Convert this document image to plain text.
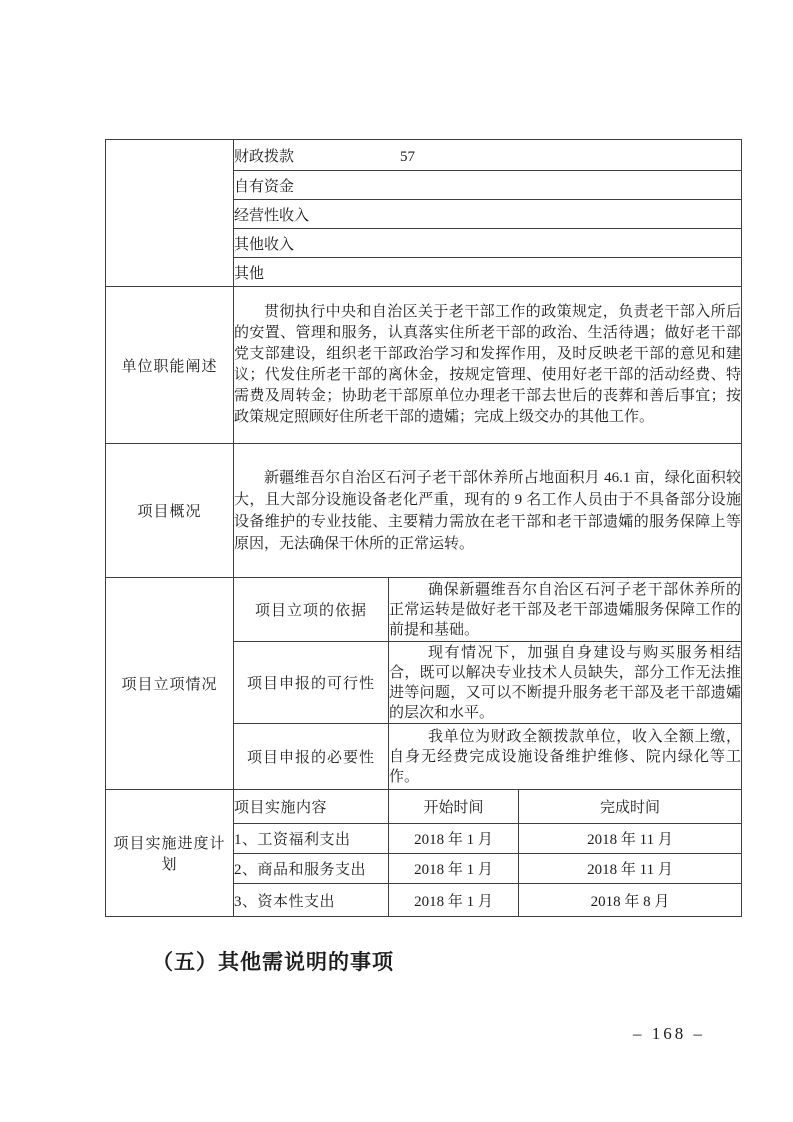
	财政拨款 57		
	自有资金		
	经营性收入		
	其他收入		
	其他		
单位职能阐述	贯彻执行中央和自治区关于老干部工作的政策规定，负责老干部入所后的安置、管理和服务，认真落实住所老干部的政治、生活待遇；做好老干部党支部建设，组织老干部政治学习和发挥作用，及时反映老干部的意见和建议；代发住所老干部的离休金，按规定管理、使用好老干部的活动经费、特需费及周转金；协助老干部原单位办理老干部去世后的丧葬和善后事宜；按政策规定照顾好住所老干部的遗孀；完成上级交办的其他工作。		

项目概况	新疆维吾尔自治区石河子老干部休养所占地面积月 46.1 亩，绿化面积较大，且大部分设施设备老化严重，现有的 9 名工作人员由于不具备部分设施设备维护的专业技能、主要精力需放在老干部和老干部遗孀的服务保障上等原因，无法确保干休所的正常运转。		

项目立项情况	项目立项的依据	确保新疆维吾尔自治区石河子老干部休养所的正常运转是做好老干部及老干部遗孀服务保障工作的前提和基础。	

	项目申报的可行性	现有情况下，加强自身建设与购买服务相结合，既可以解决专业技术人员缺失，部分工作无法推进等问题，又可以不断提升服务老干部及老干部遗孀的层次和水平。	

	项目申报的必要性	我单位为财政全额拨款单位，收入全额上缴，自身无经费完成设施设备维护维修、院内绿化等工作。	

项目实施进度计划	项目实施内容	开始时间	完成时间
	1、工资福利支出	2018 年 1 月	2018 年 11 月
	2、商品和服务支出	2018 年 1 月	2018 年 11 月
	3、资本性支出	2018 年 1 月	2018 年 8 月
（五）其他需说明的事项
– 168 –
